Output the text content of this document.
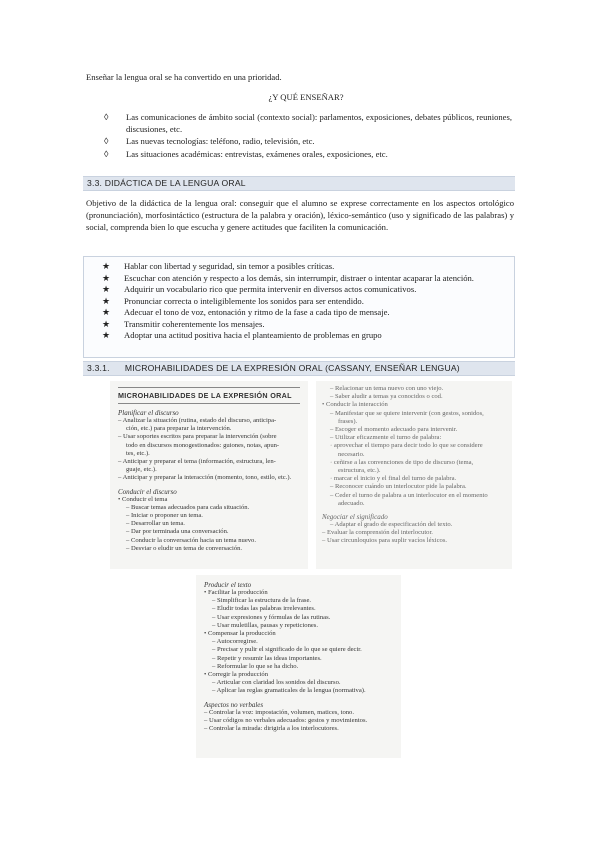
Enseñar la lengua oral se ha convertido en una prioridad.
¿Y QUÉ ENSEÑAR?
◊ Las comunicaciones de ámbito social (contexto social): parlamentos, exposiciones, debates públicos, reuniones, discusiones, etc.
◊ Las nuevas tecnologías: teléfono, radio, televisión, etc.
◊ Las situaciones académicas: entrevistas, exámenes orales, exposiciones, etc.
3.3. DIDÁCTICA DE LA LENGUA ORAL
Objetivo de la didáctica de la lengua oral: conseguir que el alumno se exprese correctamente en los aspectos ortológico (pronunciación), morfosintáctico (estructura de la palabra y oración), léxico-semántico (uso y significado de las palabras) y social, comprenda bien lo que escucha y genere actitudes que faciliten la comunicación.
★ Hablar con libertad y seguridad, sin temor a posibles críticas.
★ Escuchar con atención y respecto a los demás, sin interrumpir, distraer o intentar acaparar la atención.
★ Adquirir un vocabulario rico que permita intervenir en diversos actos comunicativos.
★ Pronunciar correcta o inteligiblemente los sonidos para ser entendido.
★ Adecuar el tono de voz, entonación y ritmo de la fase a cada tipo de mensaje.
★ Transmitir coherentemente los mensajes.
★ Adoptar una actitud positiva hacia el planteamiento de problemas en grupo
3.3.1. MICROHABILIDADES DE LA EXPRESIÓN ORAL (CASSANY, ENSEÑAR LENGUA)
MICROHABILIDADES DE LA EXPRESIÓN ORAL
Planificar el discurso
– Analizar la situación (rutina, estado del discurso, anticipa-
ción, etc.) para preparar la intervención.
– Usar soportes escritos para preparar la intervención (sobre
todo en discursos monogestionados: guiones, notas, apun-
tes, etc.).
– Anticipar y preparar el tema (información, estructura, len-
guaje, etc.).
– Anticipar y preparar la interacción (momento, tono, estilo, etc.).
Conducir el discurso
• Conducir el tema
– Buscar temas adecuados para cada situación.
– Iniciar o proponer un tema.
– Desarrollar un tema.
– Dar por terminada una conversación.
– Conducir la conversación hacia un tema nuevo.
– Desviar o eludir un tema de conversación.
– Relacionar un tema nuevo con uno viejo.
– Saber aludir a temas ya conocidos o cod.
• Conducir la interacción
– Manifestar que se quiere intervenir (con gestos, sonidos,
frases).
– Escoger el momento adecuado para intervenir.
– Utilizar eficazmente el turno de palabra:
· aprovechar el tiempo para decir todo lo que se considere
necesario.
· ceñirse a las convenciones de tipo de discurso (tema,
estructura, etc.).
· marcar el inicio y el final del turno de palabra.
– Reconocer cuándo un interlocutor pide la palabra.
– Ceder el turno de palabra a un interlocutor en el momento
adecuado.
Negociar el significado
– Adaptar el grado de especificación del texto.
– Evaluar la comprensión del interlocutor.
– Usar circunloquios para suplir vacíos léxicos.
Producir el texto
• Facilitar la producción
– Simplificar la estructura de la frase.
– Eludir todas las palabras irrelevantes.
– Usar expresiones y fórmulas de las rutinas.
– Usar muletillas, pausas y repeticiones.
• Compensar la producción
– Autocorregirse.
– Precisar y pulir el significado de lo que se quiere decir.
– Repetir y resumir las ideas importantes.
– Reformular lo que se ha dicho.
• Corregir la producción
– Articular con claridad los sonidos del discurso.
– Aplicar las reglas gramaticales de la lengua (normativa).
Aspectos no verbales
– Controlar la voz: impostación, volumen, matices, tono.
– Usar códigos no verbales adecuados: gestos y movimientos.
– Controlar la mirada: dirigirla a los interlocutores.
